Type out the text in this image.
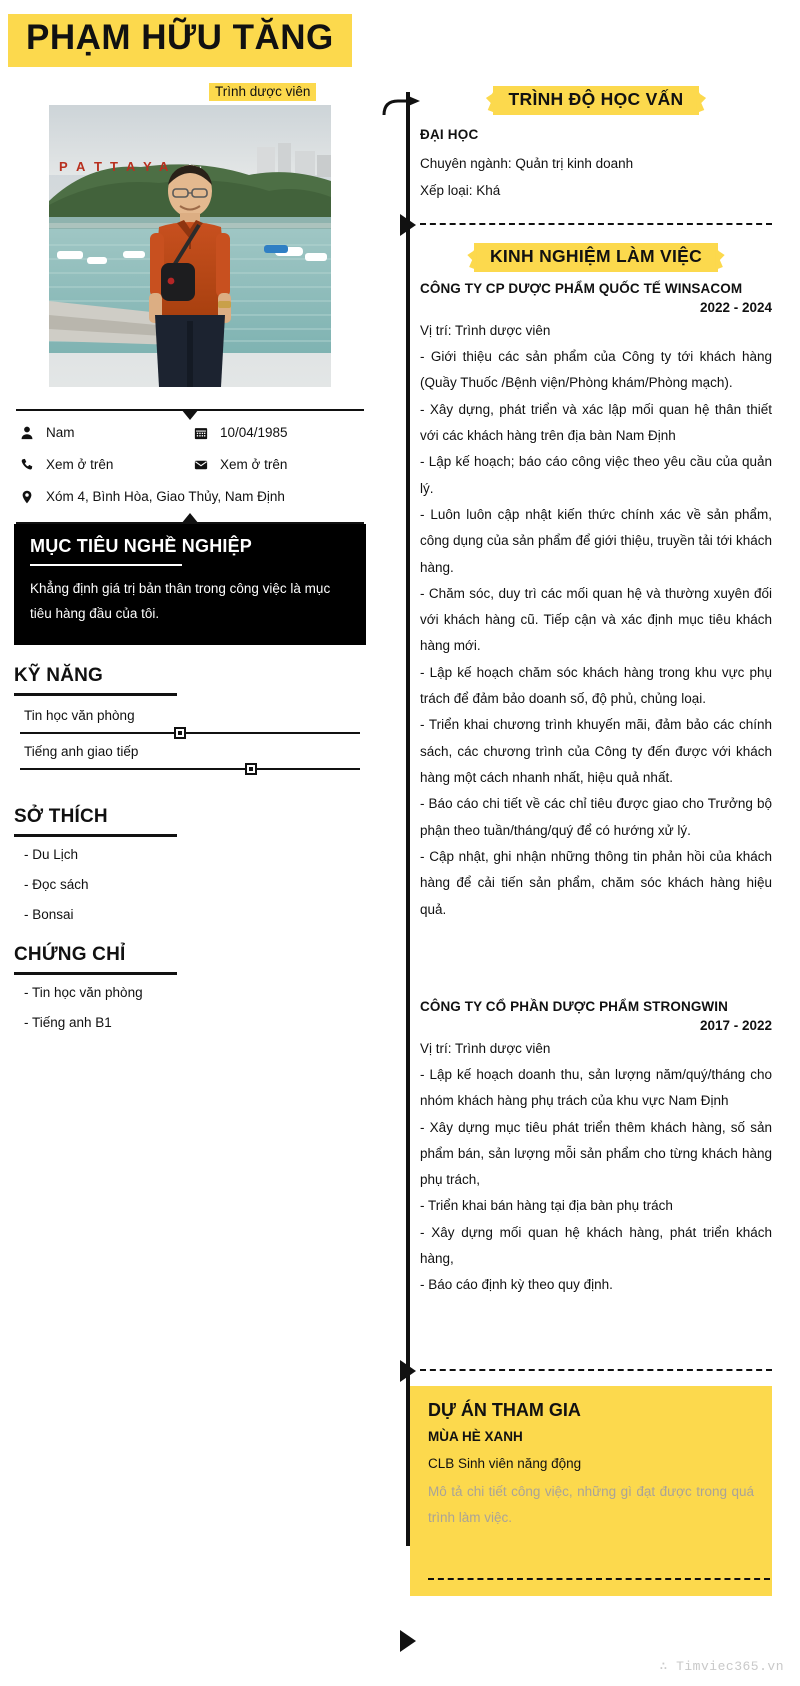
PHẠM HỮU TĂNG
Trình dược viên
P A T T A Y A
Nam	10/04/1985
Xem ở trên	Xem ở trên
Xóm 4, Bình Hòa, Giao Thủy, Nam Định
MỤC TIÊU NGHỀ NGHIỆP

Khẳng định giá trị bản thân trong công việc là mục tiêu hàng đầu của tôi.

KỸ NĂNG
Tin học văn phòng
Tiếng anh giao tiếp
SỞ THÍCH
- Du Lịch
- Đọc sách
- Bonsai
CHỨNG CHỈ
- Tin học văn phòng
- Tiếng anh B1
TRÌNH ĐỘ HỌC VẤN
ĐẠI HỌC
Chuyên ngành: Quản trị kinh doanh
Xếp loại: Khá
KINH NGHIỆM LÀM VIỆC
CÔNG TY CP DƯỢC PHẨM QUỐC TẾ WINSACOM
2022 - 2024
Vị trí: Trình dược viên
- Giới thiệu các sản phẩm của Công ty tới khách hàng (Quầy Thuốc /Bệnh viện/Phòng khám/Phòng mạch).
- Xây dựng, phát triển và xác lập mối quan hệ thân thiết với các khách hàng trên địa bàn Nam Định
- Lập kế hoạch; báo cáo công việc theo yêu cầu của quản lý.
- Luôn luôn cập nhật kiến thức chính xác về sản phẩm, công dụng của sản phẩm để giới thiệu, truyền tải tới khách hàng.
- Chăm sóc, duy trì các mối quan hệ và thường xuyên đối với khách hàng cũ. Tiếp cận và xác định mục tiêu khách hàng mới.
- Lập kế hoạch chăm sóc khách hàng trong khu vực phụ trách để đảm bảo doanh số, độ phủ, chủng loại.
- Triển khai chương trình khuyến mãi, đảm bảo các chính sách, các chương trình của Công ty đến được với khách hàng một cách nhanh nhất, hiệu quả nhất.
- Báo cáo chi tiết về các chỉ tiêu được giao cho Trưởng bộ phận theo tuần/tháng/quý để có hướng xử lý.
- Cập nhật, ghi nhận những thông tin phản hồi của khách hàng để cải tiến sản phẩm, chăm sóc khách hàng hiệu quả.
CÔNG TY CỔ PHẦN DƯỢC PHẨM STRONGWIN
2017 - 2022
Vị trí: Trình dược viên
- Lập kế hoạch doanh thu, sản lượng năm/quý/tháng cho nhóm khách hàng phụ trách của khu vực Nam Định
- Xây dựng mục tiêu phát triển thêm khách hàng, số sản phẩm bán, sản lượng mỗi sản phẩm cho từng khách hàng phụ trách,
- Triển khai bán hàng tại địa bàn phụ trách
- Xây dựng mối quan hệ khách hàng, phát triển khách hàng,
- Báo cáo định kỳ theo quy định.
DỰ ÁN THAM GIA
MÙA HÈ XANH
CLB Sinh viên năng động
Mô tả chi tiết công việc, những gì đạt được trong quá trình làm việc.
∴ Timviec365.vn
